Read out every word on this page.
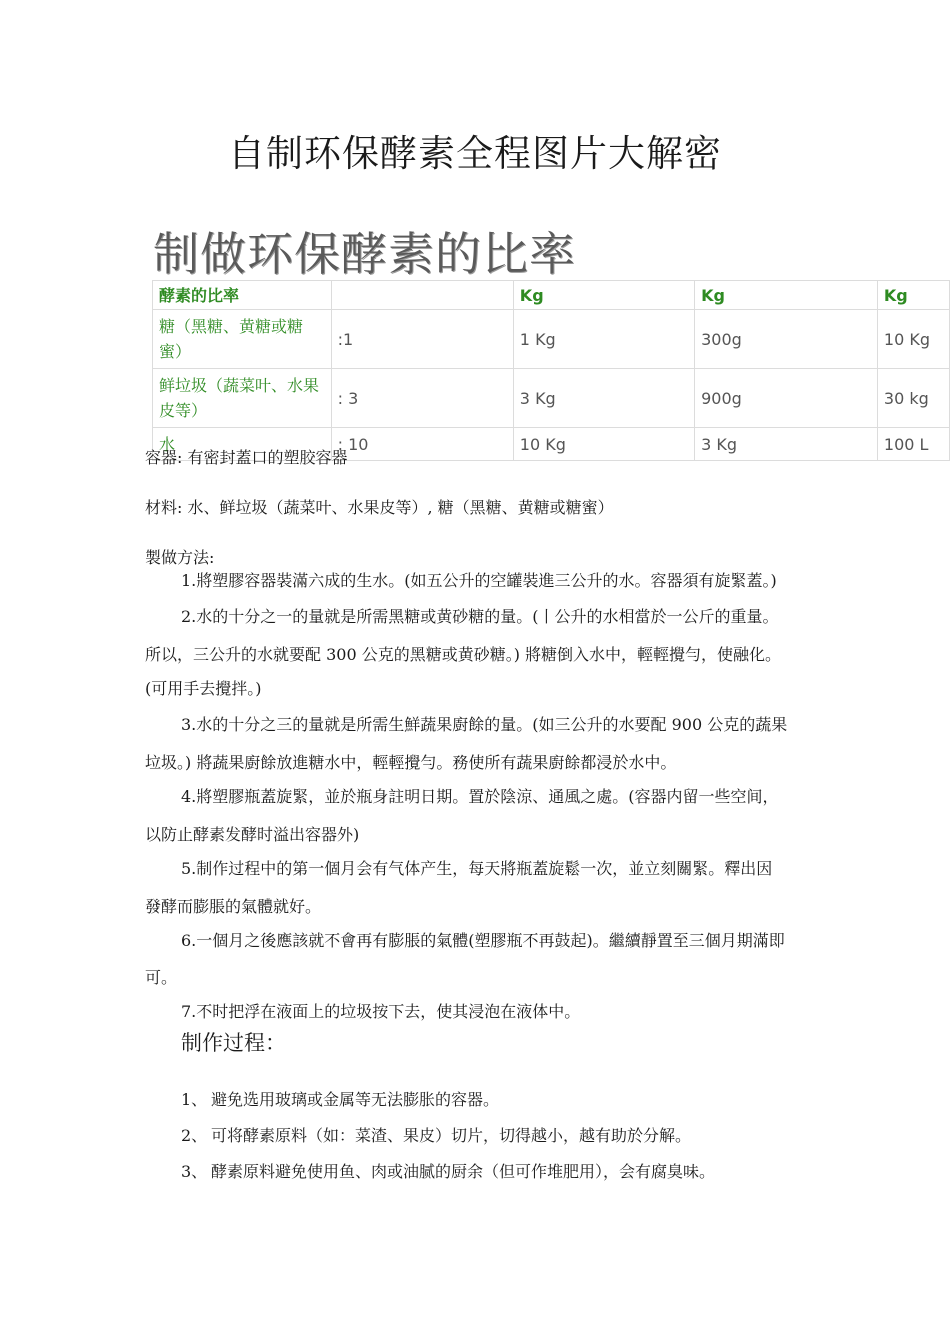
自制环保酵素全程图片大解密
制做环保酵素的比率
酵素的比率		Kg	Kg	Kg
糖（黑糖、黄糖或糖蜜）	:1	1 Kg	300g	10 Kg
鲜垃圾（蔬菜叶、水果皮等）	: 3	3 Kg	900g	30 kg
水	: 10	10 Kg	3 Kg	100 L
容器: 有密封蓋口的塑胶容器
材料: 水、鲜垃圾（蔬菜叶、水果皮等）, 糖（黑糖、黄糖或糖蜜）
製做方法:
1.將塑膠容器裝滿六成的生水。(如五公升的空罐裝進三公升的水。容器須有旋緊蓋。)
2.水的十分之一的量就是所需黑糖或黄砂糖的量。(丨公升的水相當於一公斤的重量。
所以，三公升的水就要配 300 公克的黑糖或黄砂糖。) 將糖倒入水中，輕輕攪勻，使融化。
(可用手去攪拌。)
3.水的十分之三的量就是所需生鮮蔬果廚餘的量。(如三公升的水要配 900 公克的蔬果
垃圾。) 將蔬果廚餘放進糖水中，輕輕攪勻。務使所有蔬果廚餘都浸於水中。
4.將塑膠瓶蓋旋緊，並於瓶身註明日期。置於陰涼、通風之處。(容器内留一些空间，
以防止酵素发酵时溢出容器外)
5.制作过程中的第一個月会有气体产生，每天將瓶蓋旋鬆一次，並立刻關緊。釋出因
發酵而膨脹的氣體就好。
6.一個月之後應該就不會再有膨脹的氣體(塑膠瓶不再鼓起)。繼續靜置至三個月期滿即
可。
7.不时把浮在液面上的垃圾按下去，使其浸泡在液体中。
制作过程：
1、 避免选用玻璃或金属等无法膨胀的容器。
2、 可将酵素原料（如：菜渣、果皮）切片，切得越小，越有助於分解。
3、 酵素原料避免使用鱼、肉或油腻的厨余（但可作堆肥用），会有腐臭味。
